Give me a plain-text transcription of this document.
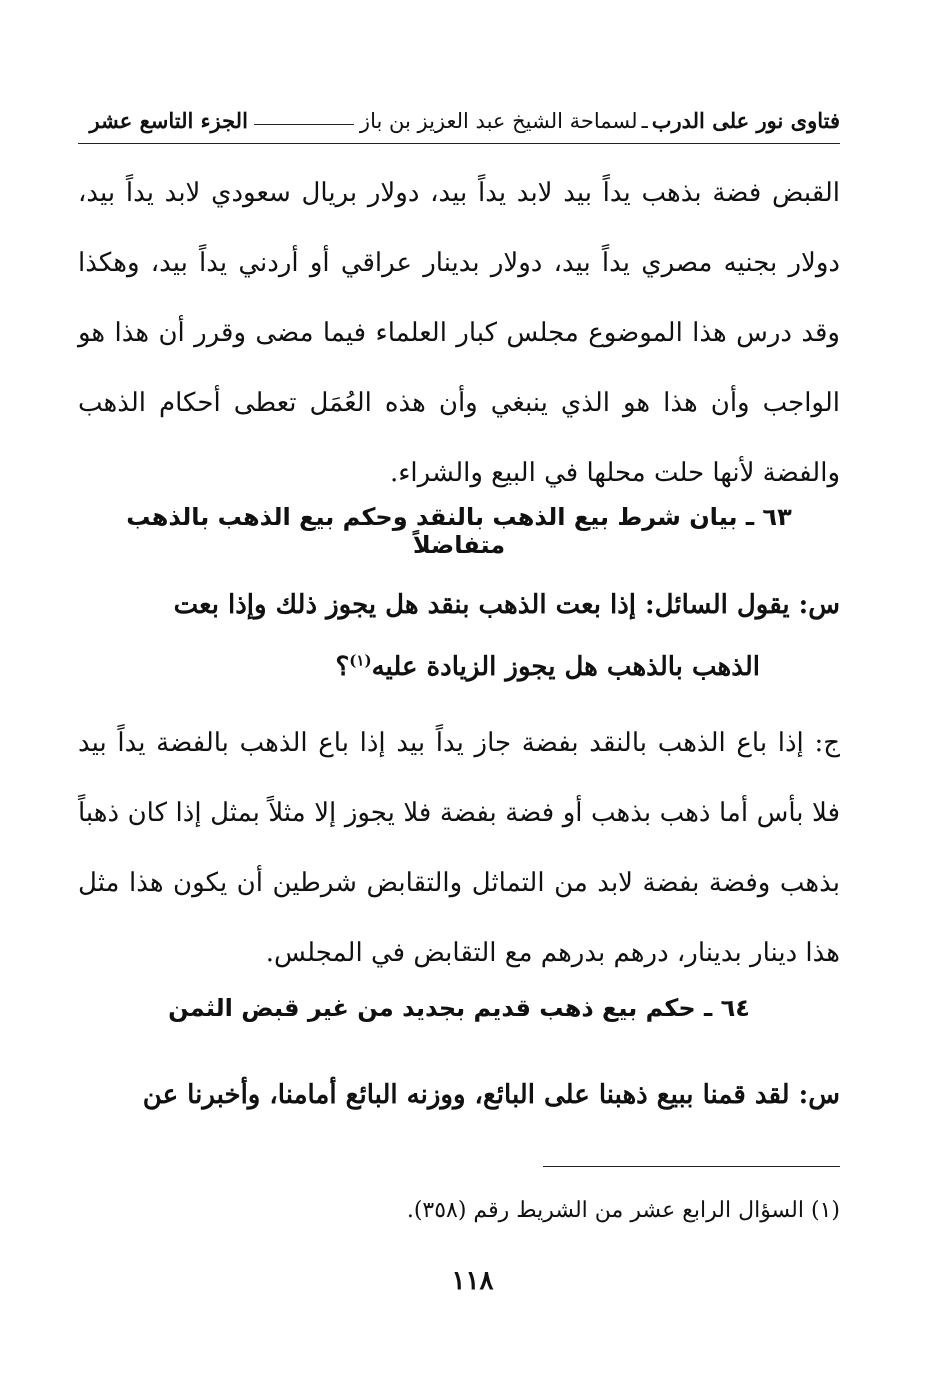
فتاوى نور على الدرب
ـ
لسماحة الشيخ عبد العزيز بن باز
الجزء التاسع عشر

القبض فضة بذهب يداً بيد لابد يداً بيد، دولار بريال سعودي لابد يداً بيد، دولار بجنيه مصري يداً بيد، دولار بدينار عراقي أو أردني يداً بيد، وهكذا وقد درس هذا الموضوع مجلس كبار العلماء فيما مضى وقرر أن هذا هو الواجب وأن هذا هو الذي ينبغي وأن هذه العُمَل تعطى أحكام الذهب والفضة لأنها حلت محلها في البيع والشراء.

٦٣ ـ بيان شرط بيع الذهب بالنقد وحكم بيع الذهب بالذهب متفاضلاً

س: يقول السائل: إذا بعت الذهب بنقد هل يجوز ذلك وإذا بعت
الذهب بالذهب هل يجوز الزيادة عليه$^{(١)}$؟

ج: إذا باع الذهب بالنقد بفضة جاز يداً بيد إذا باع الذهب بالفضة يداً بيد فلا بأس أما ذهب بذهب أو فضة بفضة فلا يجوز إلا مثلاً بمثل إذا كان ذهباً بذهب وفضة بفضة لابد من التماثل والتقابض شرطين أن يكون هذا مثل هذا دينار بدينار، درهم بدرهم مع التقابض في المجلس.

٦٤ ـ حكم بيع ذهب قديم بجديد من غير قبض الثمن

س: لقد قمنا ببيع ذهبنا على البائع، ووزنه البائع أمامنا، وأخبرنا عن

(١) السؤال الرابع عشر من الشريط رقم (٣٥٨).

١١٨
